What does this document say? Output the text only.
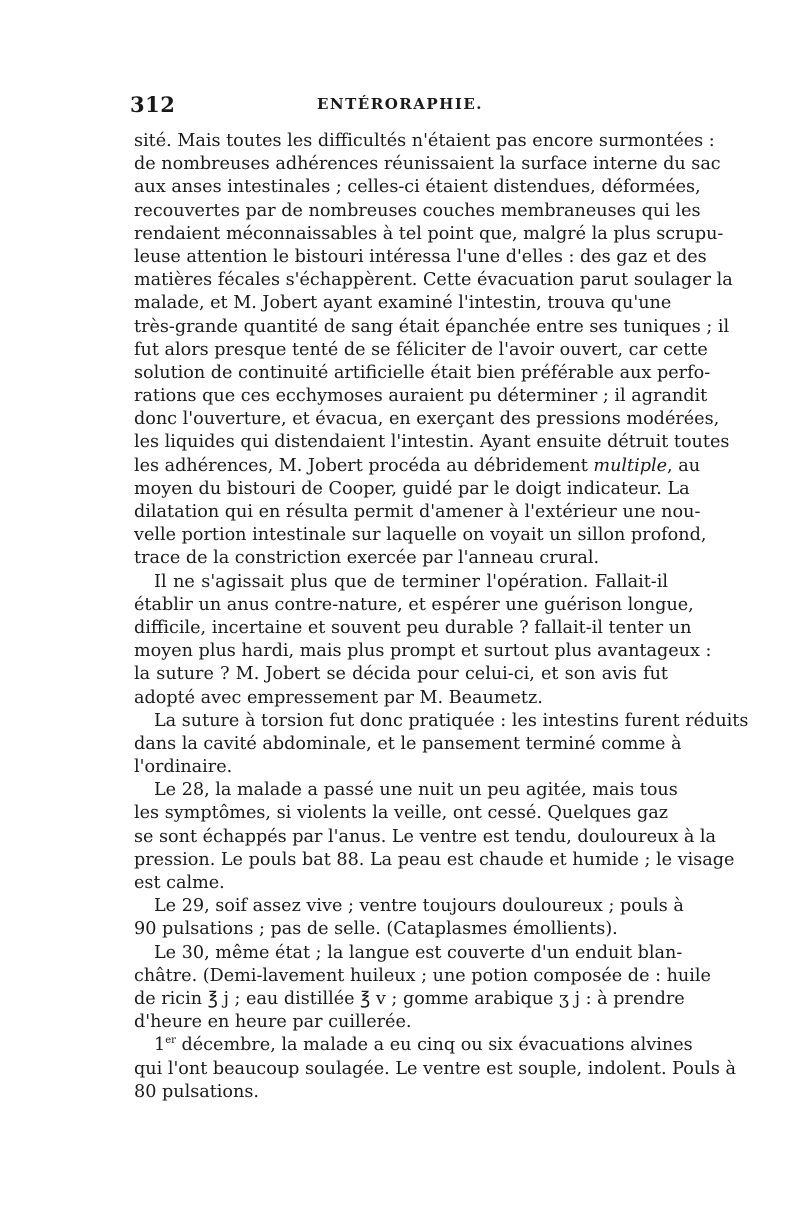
312	ENTÉRORAPHIE.
sité. Mais toutes les difficultés n'étaient pas encore surmontées :
de nombreuses adhérences réunissaient la surface interne du sac
aux anses intestinales ; celles-ci étaient distendues, déformées,
recouvertes par de nombreuses couches membraneuses qui les
rendaient méconnaissables à tel point que, malgré la plus scrupu-
leuse attention le bistouri intéressa l'une d'elles : des gaz et des
matières fécales s'échappèrent. Cette évacuation parut soulager la
malade, et M. Jobert ayant examiné l'intestin, trouva qu'une
très-grande quantité de sang était épanchée entre ses tuniques ; il
fut alors presque tenté de se féliciter de l'avoir ouvert, car cette
solution de continuité artificielle était bien préférable aux perfo-
rations que ces ecchymoses auraient pu déterminer ; il agrandit
donc l'ouverture, et évacua, en exerçant des pressions modérées,
les liquides qui distendaient l'intestin. Ayant ensuite détruit toutes
les adhérences, M. Jobert procéda au débridement multiple, au
moyen du bistouri de Cooper, guidé par le doigt indicateur. La
dilatation qui en résulta permit d'amener à l'extérieur une nou-
velle portion intestinale sur laquelle on voyait un sillon profond,
trace de la constriction exercée par l'anneau crural.
Il ne s'agissait plus que de terminer l'opération. Fallait-il
établir un anus contre-nature, et espérer une guérison longue,
difficile, incertaine et souvent peu durable ? fallait-il tenter un
moyen plus hardi, mais plus prompt et surtout plus avantageux :
la suture ? M. Jobert se décida pour celui-ci, et son avis fut
adopté avec empressement par M. Beaumetz.
La suture à torsion fut donc pratiquée : les intestins furent réduits
dans la cavité abdominale, et le pansement terminé comme à
l'ordinaire.
Le 28, la malade a passé une nuit un peu agitée, mais tous
les symptômes, si violents la veille, ont cessé. Quelques gaz
se sont échappés par l'anus. Le ventre est tendu, douloureux à la
pression. Le pouls bat 88. La peau est chaude et humide ; le visage
est calme.
Le 29, soif assez vive ; ventre toujours douloureux ; pouls à
90 pulsations ; pas de selle. (Cataplasmes émollients).
Le 30, même état ; la langue est couverte d'un enduit blan-
châtre. (Demi-lavement huileux ; une potion composée de : huile
de ricin ℥ j ; eau distillée ℥ v ; gomme arabique ʒ j : à prendre
d'heure en heure par cuillerée.
1er décembre, la malade a eu cinq ou six évacuations alvines
qui l'ont beaucoup soulagée. Le ventre est souple, indolent. Pouls à
80 pulsations.
